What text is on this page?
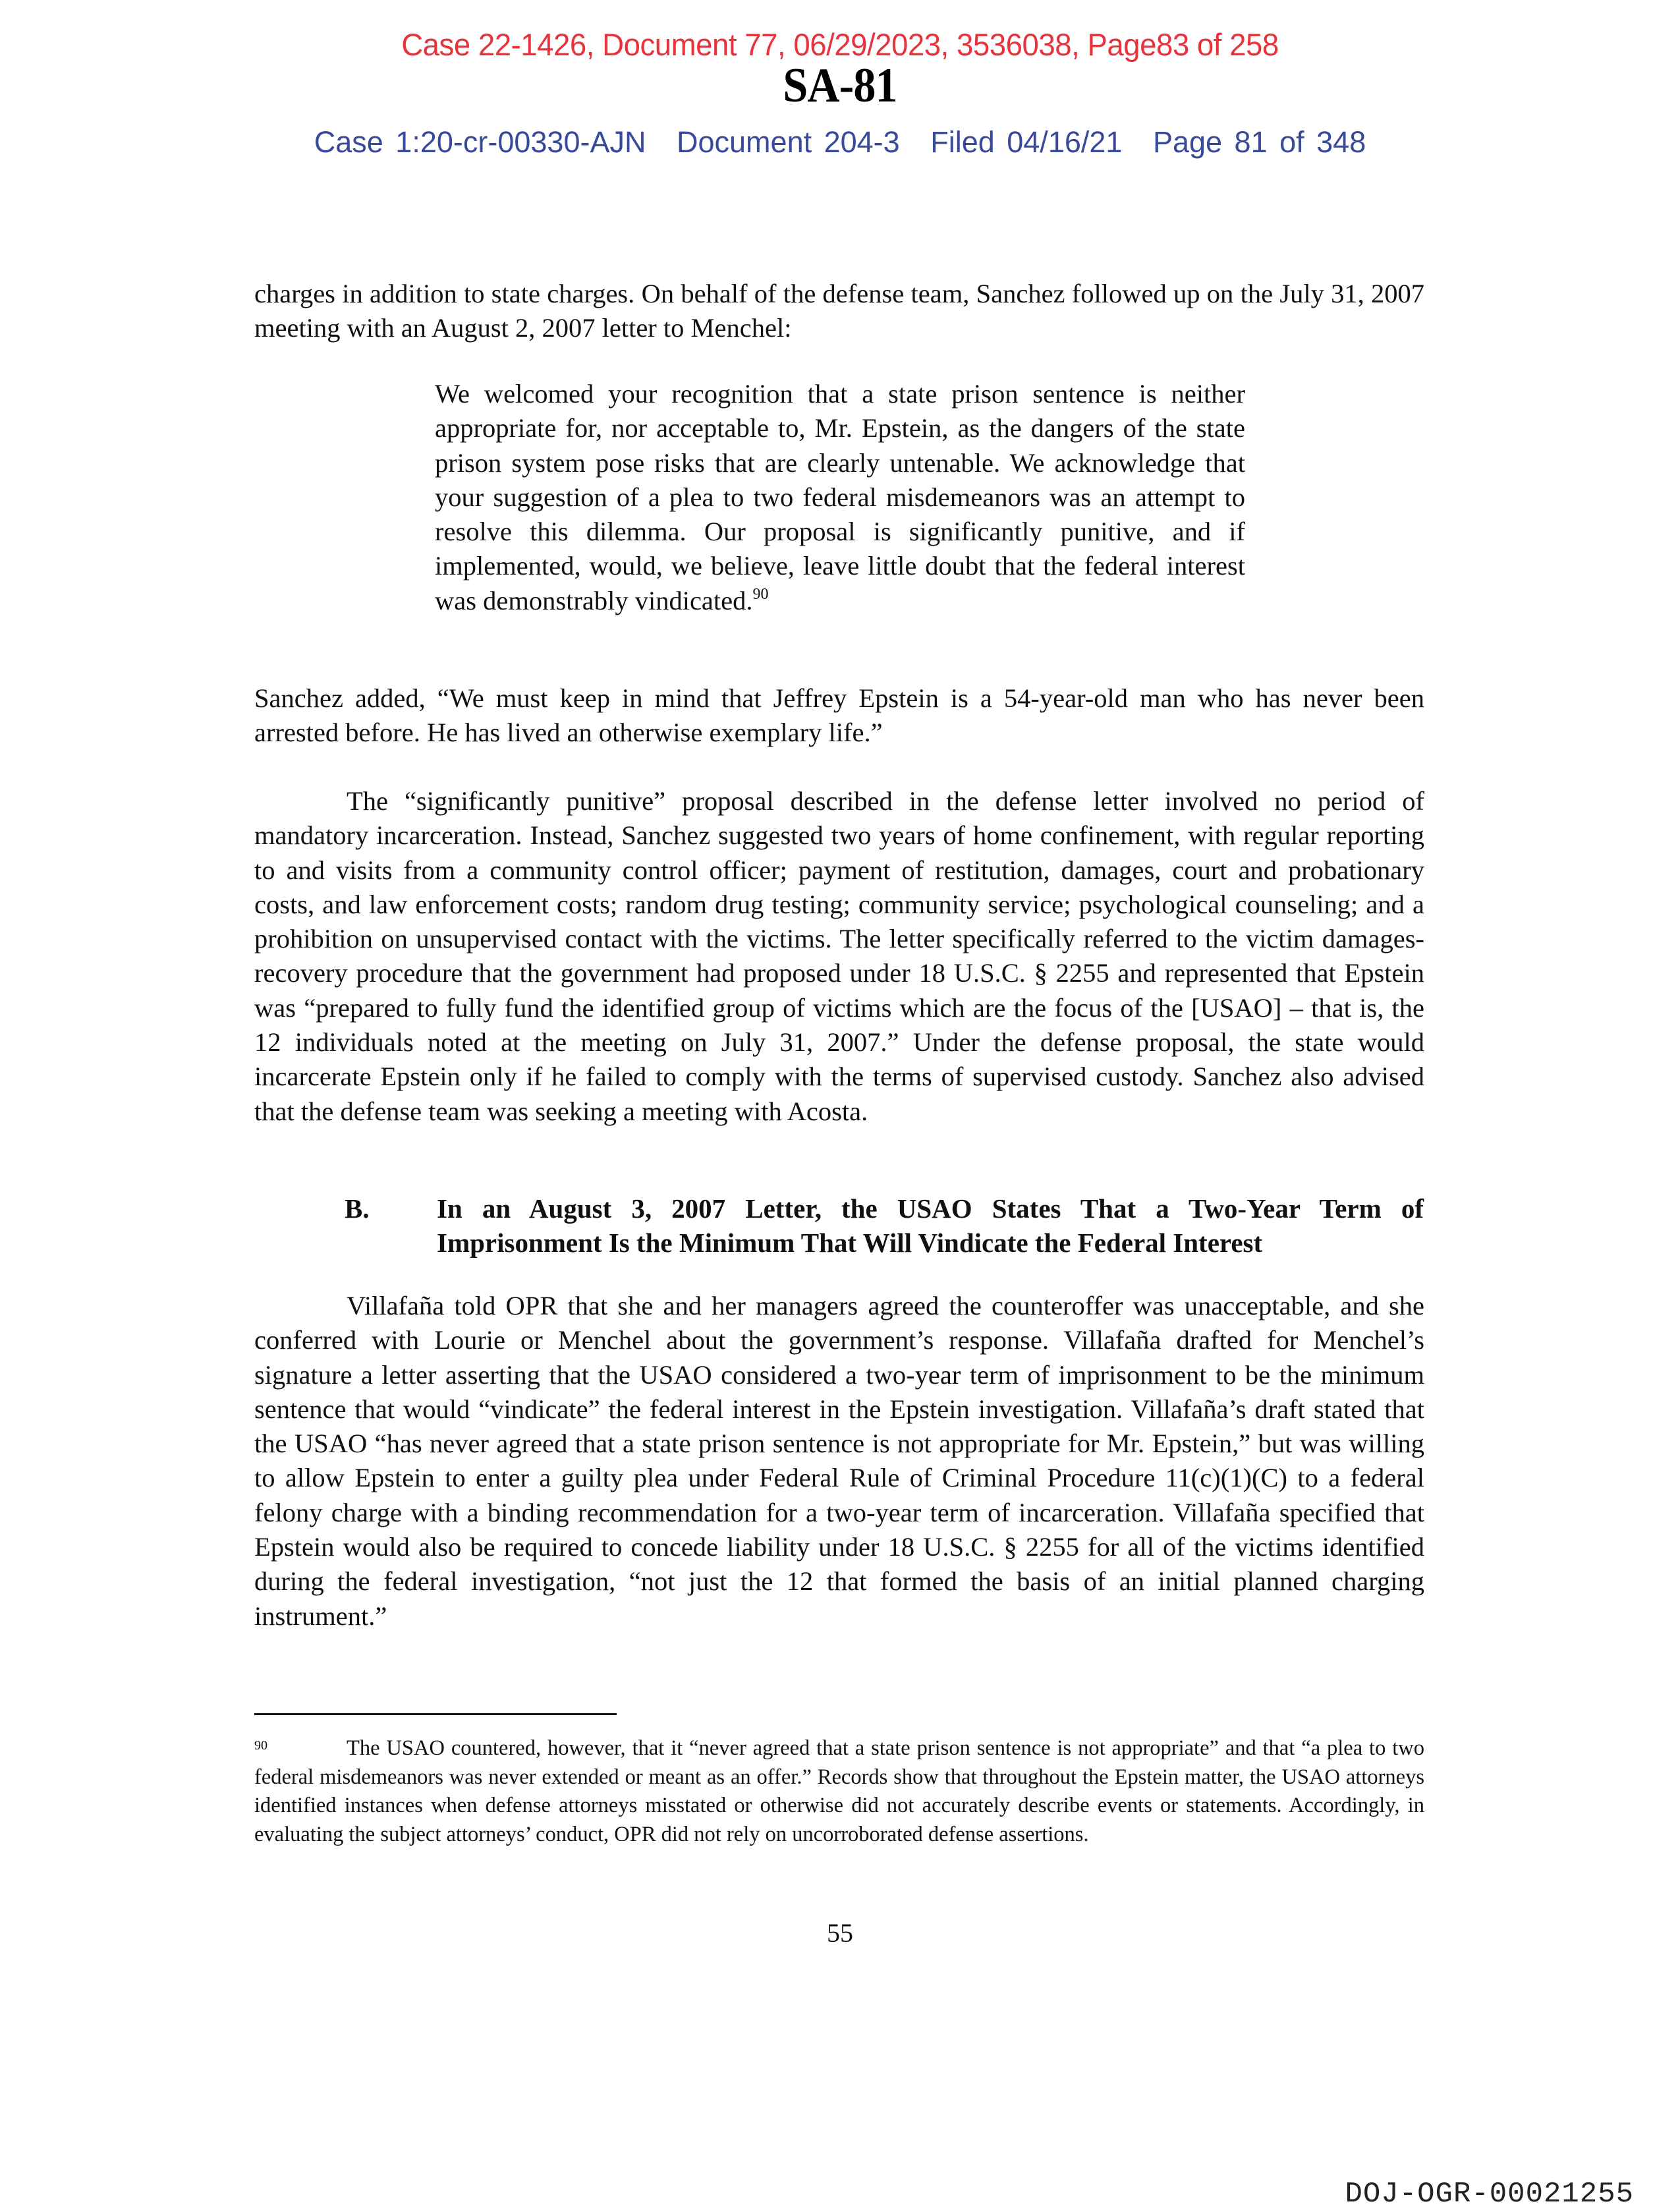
Case 22-1426, Document 77, 06/29/2023, 3536038, Page83 of 258
SA-81
Case 1:20-cr-00330-AJN Document 204-3 Filed 04/16/21 Page 81 of 348
charges in addition to state charges. On behalf of the defense team, Sanchez followed up on the July 31, 2007 meeting with an August 2, 2007 letter to Menchel:
We welcomed your recognition that a state prison sentence is neither appropriate for, nor acceptable to, Mr. Epstein, as the dangers of the state prison system pose risks that are clearly untenable. We acknowledge that your suggestion of a plea to two federal misdemeanors was an attempt to resolve this dilemma. Our proposal is significantly punitive, and if implemented, would, we believe, leave little doubt that the federal interest was demonstrably vindicated.$^{90}$
Sanchez added, “We must keep in mind that Jeffrey Epstein is a 54-year-old man who has never been arrested before. He has lived an otherwise exemplary life.”
The “significantly punitive” proposal described in the defense letter involved no period of mandatory incarceration. Instead, Sanchez suggested two years of home confinement, with regular reporting to and visits from a community control officer; payment of restitution, damages, court and probationary costs, and law enforcement costs; random drug testing; community service; psychological counseling; and a prohibition on unsupervised contact with the victims. The letter specifically referred to the victim damages-recovery procedure that the government had proposed under 18 U.S.C. § 2255 and represented that Epstein was “prepared to fully fund the identified group of victims which are the focus of the [USAO] – that is, the 12 individuals noted at the meeting on July 31, 2007.” Under the defense proposal, the state would incarcerate Epstein only if he failed to comply with the terms of supervised custody. Sanchez also advised that the defense team was seeking a meeting with Acosta.
B. In an August 3, 2007 Letter, the USAO States That a Two-Year Term of Imprisonment Is the Minimum That Will Vindicate the Federal Interest
Villafaña told OPR that she and her managers agreed the counteroffer was unacceptable, and she conferred with Lourie or Menchel about the government’s response. Villafaña drafted for Menchel’s signature a letter asserting that the USAO considered a two-year term of imprisonment to be the minimum sentence that would “vindicate” the federal interest in the Epstein investigation. Villafaña’s draft stated that the USAO “has never agreed that a state prison sentence is not appropriate for Mr. Epstein,” but was willing to allow Epstein to enter a guilty plea under Federal Rule of Criminal Procedure 11(c)(1)(C) to a federal felony charge with a binding recommendation for a two-year term of incarceration. Villafaña specified that Epstein would also be required to concede liability under 18 U.S.C. § 2255 for all of the victims identified during the federal investigation, “not just the 12 that formed the basis of an initial planned charging instrument.”
90	The USAO countered, however, that it “never agreed that a state prison sentence is not appropriate” and that “a plea to two federal misdemeanors was never extended or meant as an offer.” Records show that throughout the Epstein matter, the USAO attorneys identified instances when defense attorneys misstated or otherwise did not accurately describe events or statements. Accordingly, in evaluating the subject attorneys’ conduct, OPR did not rely on uncorroborated defense assertions.
55
DOJ-OGR-00021255
